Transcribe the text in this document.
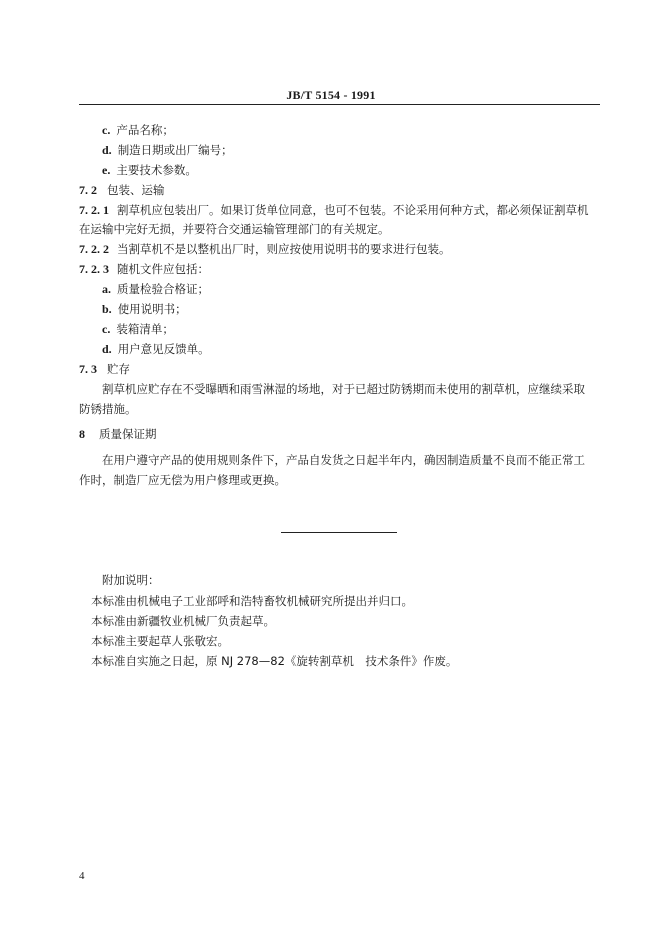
JB/T 5154 - 1991
c. 产品名称；
d. 制造日期或出厂编号；
e. 主要技术参数。
7. 2 包装、运输
7. 2. 1 割草机应包装出厂。如果订货单位同意，也可不包装。不论采用何种方式，都必须保证割草机
在运输中完好无损，并要符合交通运输管理部门的有关规定。
7. 2. 2 当割草机不是以整机出厂时，则应按使用说明书的要求进行包装。
7. 2. 3 随机文件应包括：
a. 质量检验合格证；
b. 使用说明书；
c. 装箱清单；
d. 用户意见反馈单。
7. 3 贮存
割草机应贮存在不受曝晒和雨雪淋湿的场地，对于已超过防锈期而未使用的割草机，应继续采取
防锈措施。
8 质量保证期
在用户遵守产品的使用规则条件下，产品自发货之日起半年内，确因制造质量不良而不能正常工
作时，制造厂应无偿为用户修理或更换。
附加说明：
本标准由机械电子工业部呼和浩特畜牧机械研究所提出并归口。
本标准由新疆牧业机械厂负责起草。
本标准主要起草人张敬宏。
本标准自实施之日起，原 NJ 278—82《旋转割草机　技术条件》作废。
4
